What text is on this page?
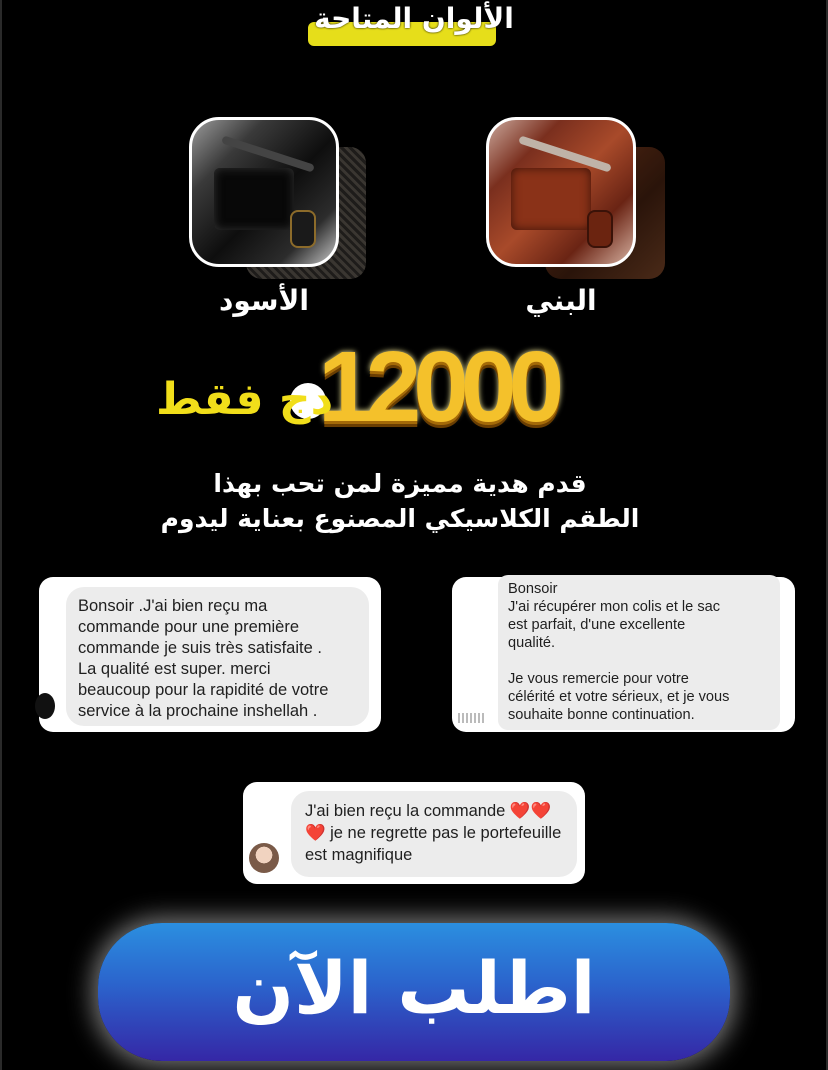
الألوان المتاحة
الأسود	البني
12000
دج فقط
قدم هدية مميزة لمن تحب بهذا
الطقم الكلاسيكي المصنوع بعناية ليدوم

Bonsoir .J'ai bien reçu ma
commande pour une première
commande je suis très satisfaite .
La qualité est super. merci
beaucoup pour la rapidité de votre
service à la prochaine inshellah .

Bonsoir
J'ai récupérer mon colis et le sac
est parfait, d'une excellente
qualité.

Je vous remercie pour votre
célérité et votre sérieux, et je vous
souhaite bonne continuation.

J'ai bien reçu la commande ❤️❤️
❤️ je ne regrette pas le portefeuille
est magnifique

اطلب الآن
